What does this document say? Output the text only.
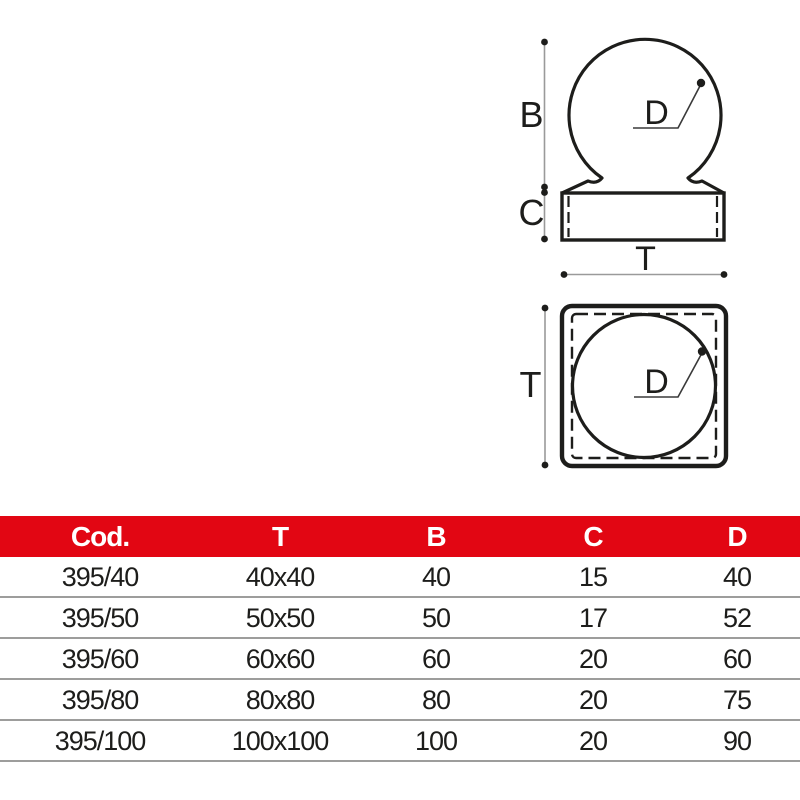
B
C
T
D
T	D
Cod.	T	B	C	D
395/40	40x40	40	15	40
395/50	50x50	50	17	52
395/60	60x60	60	20	60
395/80	80x80	80	20	75
395/100	100x100	100	20	90
